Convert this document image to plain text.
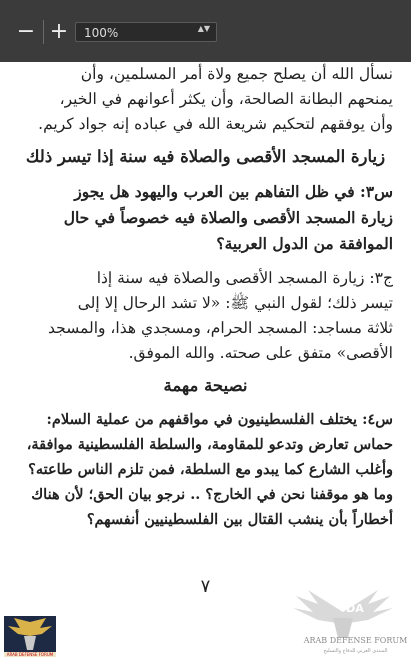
− +	100%	▲▼
DA
نسأل الله أن يصلح جميع ولاة أمر المسلمين، وأن
يمنحهم البطانة الصالحة، وأن يكثر أعوانهم في الخير،
وأن يوفقهم لتحكيم شريعة الله في عباده إنه جواد كريم.
زيارة المسجد الأقصى والصلاة فيه سنة إذا تيسر ذلك
س٣: في ظل التفاهم بين العرب واليهود هل يجوز
زيارة المسجد الأقصى والصلاة فيه خصوصاً في حال
الموافقة من الدول العربية؟
ج٣: زيارة المسجد الأقصى والصلاة فيه سنة إذا
تيسر ذلك؛ لقول النبي ﷺ: «لا تشد الرحال إلا إلى
ثلاثة مساجد: المسجد الحرام، ومسجدي هذا، والمسجد
الأقصى» متفق على صحته. والله الموفق.
نصيحة مهمة
س٤: يختلف الفلسطينيون في مواقفهم من عملية السلام:
حماس تعارض وتدعو للمقاومة، والسلطة الفلسطينية موافقة،
وأغلب الشارع كما يبدو مع السلطة، فمن تلزم الناس طاعته؟
وما هو موقفنا نحن في الخارج؟ .. نرجو بيان الحق؛ لأن هناك
أخطاراً بأن ينشب القتال بين الفلسطينيين أنفسهم؟
٧
ARAB DEFENSE FORUM
المنتدى العربي للدفاع والتسليح
ARAB DEFENSE FORUM
